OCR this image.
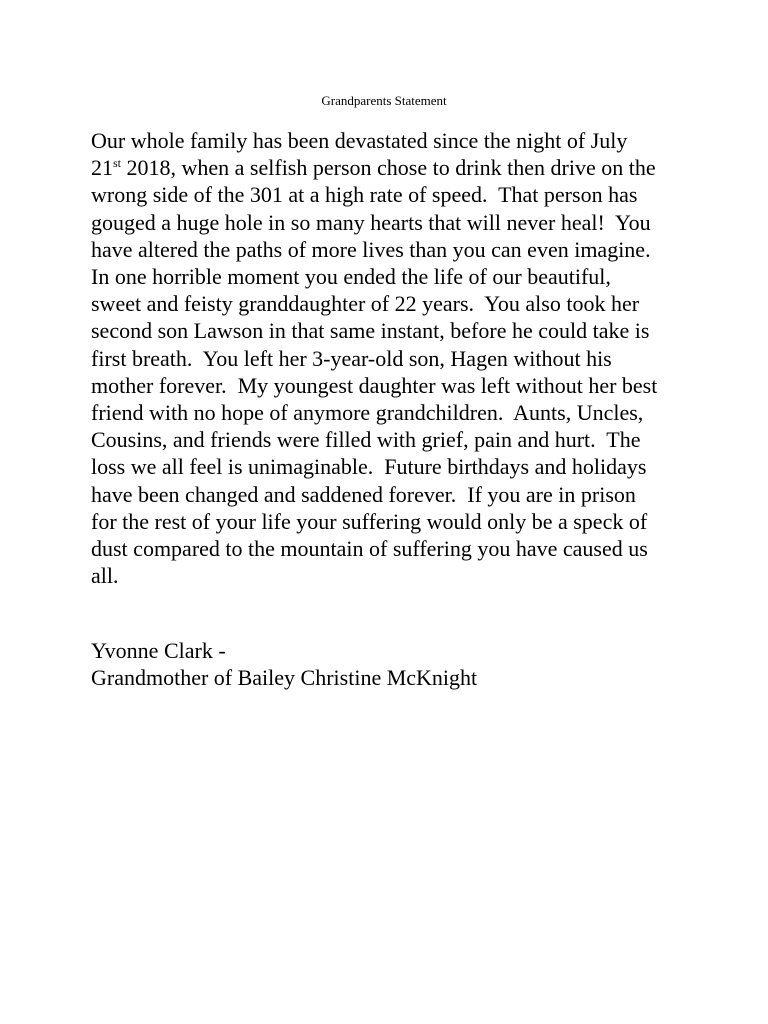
Grandparents Statement
Our whole family has been devastated since the night of July
21st 2018, when a selfish person chose to drink then drive on the
wrong side of the 301 at a high rate of speed.  That person has
gouged a huge hole in so many hearts that will never heal!  You
have altered the paths of more lives than you can even imagine.
In one horrible moment you ended the life of our beautiful,
sweet and feisty granddaughter of 22 years.  You also took her
second son Lawson in that same instant, before he could take is
first breath.  You left her 3-year-old son, Hagen without his
mother forever.  My youngest daughter was left without her best
friend with no hope of anymore grandchildren.  Aunts, Uncles,
Cousins, and friends were filled with grief, pain and hurt.  The
loss we all feel is unimaginable.  Future birthdays and holidays
have been changed and saddened forever.  If you are in prison
for the rest of your life your suffering would only be a speck of
dust compared to the mountain of suffering you have caused us
all.
Yvonne Clark -
Grandmother of Bailey Christine McKnight
